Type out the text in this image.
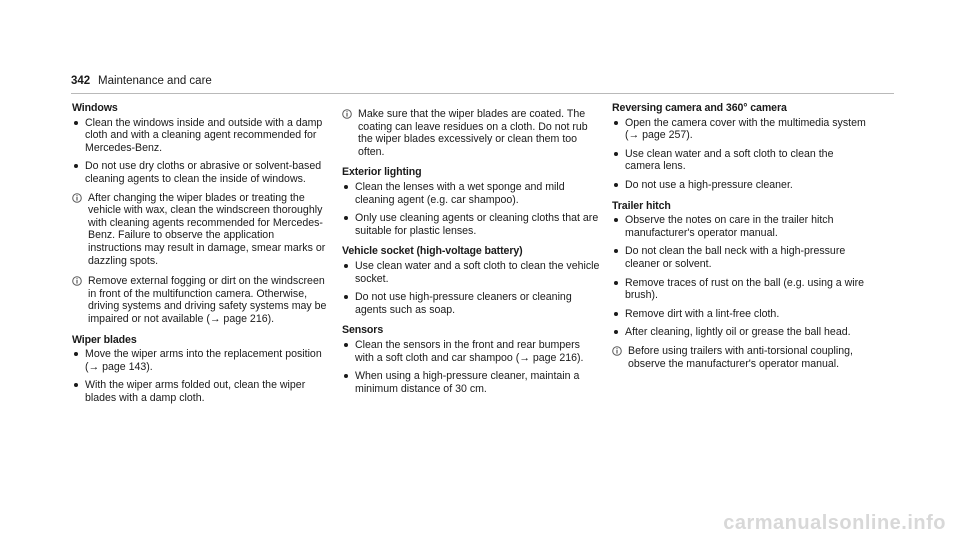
342 Maintenance and care
Windows
Clean the windows inside and outside with a damp cloth and with a cleaning agent recommended for Mercedes-Benz.
Do not use dry cloths or abrasive or solvent-based cleaning agents to clean the inside of windows.
After changing the wiper blades or treating the vehicle with wax, clean the windscreen thoroughly with cleaning agents recommended for Mercedes-Benz. Failure to observe the application instructions may result in damage, smear marks or dazzling spots.
Remove external fogging or dirt on the windscreen in front of the multifunction camera. Otherwise, driving systems and driving safety systems may be impaired or not available (→ page 216).
Wiper blades
Move the wiper arms into the replacement position (→ page 143).
With the wiper arms folded out, clean the wiper blades with a damp cloth.
Make sure that the wiper blades are coated. The coating can leave residues on a cloth. Do not rub the wiper blades excessively or clean them too often.
Exterior lighting
Clean the lenses with a wet sponge and mild cleaning agent (e.g. car shampoo).
Only use cleaning agents or cleaning cloths that are suitable for plastic lenses.
Vehicle socket (high-voltage battery)
Use clean water and a soft cloth to clean the vehicle socket.
Do not use high-pressure cleaners or cleaning agents such as soap.
Sensors
Clean the sensors in the front and rear bumpers with a soft cloth and car shampoo (→ page 216).
When using a high-pressure cleaner, maintain a minimum distance of 30 cm.
Reversing camera and 360° camera
Open the camera cover with the multimedia system (→ page 257).
Use clean water and a soft cloth to clean the camera lens.
Do not use a high-pressure cleaner.
Trailer hitch
Observe the notes on care in the trailer hitch manufacturer's operator manual.
Do not clean the ball neck with a high-pressure cleaner or solvent.
Remove traces of rust on the ball (e.g. using a wire brush).
Remove dirt with a lint-free cloth.
After cleaning, lightly oil or grease the ball head.
Before using trailers with anti-torsional coupling, observe the manufacturer's operator manual.
carmanualsonline.info
